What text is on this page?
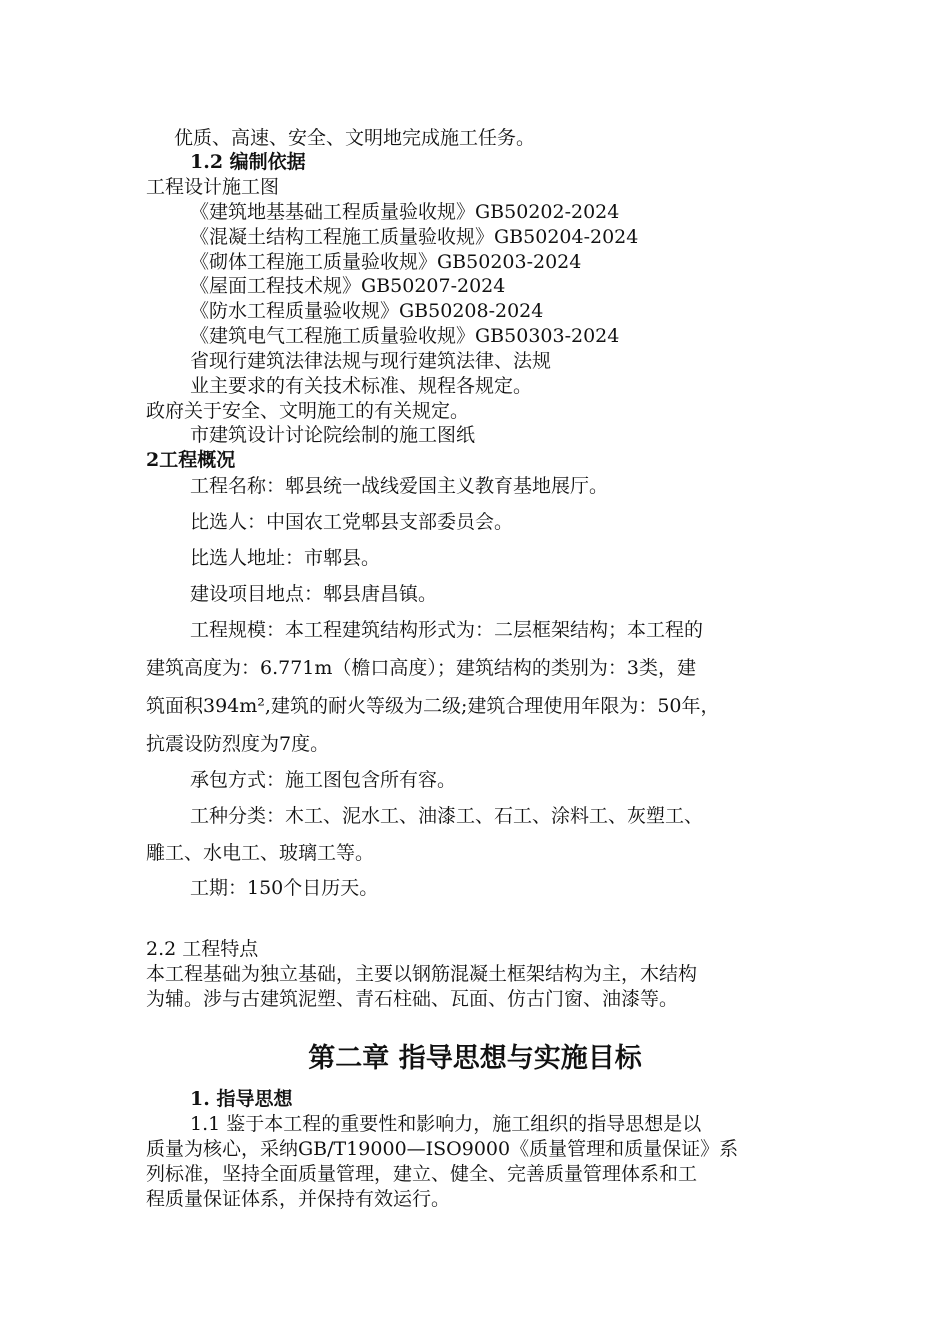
优质、高速、安全、文明地完成施工任务。
1.2 编制依据
工程设计施工图
《建筑地基基础工程质量验收规》GB50202-2024
《混凝土结构工程施工质量验收规》GB50204-2024
《砌体工程施工质量验收规》GB50203-2024
《屋面工程技术规》GB50207-2024
《防水工程质量验收规》GB50208-2024
《建筑电气工程施工质量验收规》GB50303-2024
省现行建筑法律法规与现行建筑法律、法规
业主要求的有关技术标准、规程各规定。
政府关于安全、文明施工的有关规定。
市建筑设计讨论院绘制的施工图纸
2工程概况
工程名称：郫县统一战线爱国主义教育基地展厅。
比选人：中国农工党郫县支部委员会。
比选人地址：市郫县。
建设项目地点：郫县唐昌镇。
工程规模：本工程建筑结构形式为：二层框架结构；本工程的
建筑高度为：6.771m（檐口高度）；建筑结构的类别为：3类，建
筑面积394m²,建筑的耐火等级为二级;建筑合理使用年限为：50年，
抗震设防烈度为7度。
承包方式：施工图包含所有容。
工种分类：木工、泥水工、油漆工、石工、涂料工、灰塑工、
雕工、水电工、玻璃工等。
工期：150个日历天。
2.2 工程特点
本工程基础为独立基础，主要以钢筋混凝土框架结构为主，木结构
为辅。涉与古建筑泥塑、青石柱础、瓦面、仿古门窗、油漆等。
第二章 指导思想与实施目标
1. 指导思想
1.1 鉴于本工程的重要性和影响力，施工组织的指导思想是以
质量为核心，采纳GB/T19000—ISO9000《质量管理和质量保证》系
列标准，坚持全面质量管理，建立、健全、完善质量管理体系和工
程质量保证体系，并保持有效运行。
